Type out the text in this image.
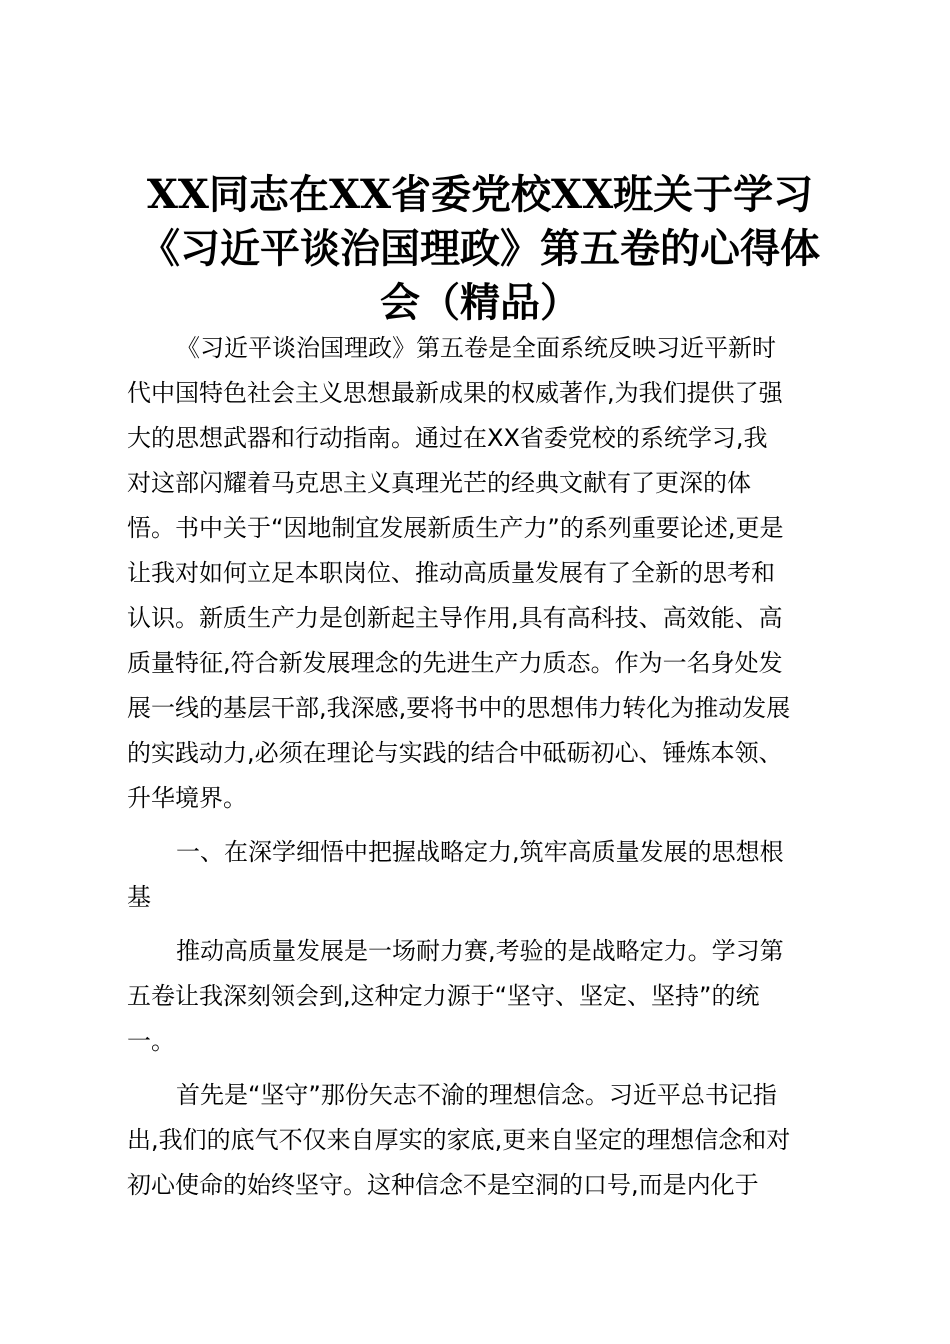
XX同志在XX省委党校XX班关于学习
《习近平谈治国理政》第五卷的心得体
会（精品）
《习近平谈治国理政》第五卷是全面系统反映习近平新时
代中国特色社会主义思想最新成果的权威著作,为我们提供了强
大的思想武器和行动指南。通过在XX省委党校的系统学习,我
对这部闪耀着马克思主义真理光芒的经典文献有了更深的体
悟。书中关于“因地制宜发展新质生产力”的系列重要论述,更是
让我对如何立足本职岗位、推动高质量发展有了全新的思考和
认识。新质生产力是创新起主导作用,具有高科技、高效能、高
质量特征,符合新发展理念的先进生产力质态。作为一名身处发
展一线的基层干部,我深感,要将书中的思想伟力转化为推动发展
的实践动力,必须在理论与实践的结合中砥砺初心、锤炼本领、
升华境界。
一、在深学细悟中把握战略定力,筑牢高质量发展的思想根
基
推动高质量发展是一场耐力赛,考验的是战略定力。学习第
五卷让我深刻领会到,这种定力源于“坚守、坚定、坚持”的统
一。
首先是“坚守”那份矢志不渝的理想信念。习近平总书记指
出,我们的底气不仅来自厚实的家底,更来自坚定的理想信念和对
初心使命的始终坚守。这种信念不是空洞的口号,而是内化于
